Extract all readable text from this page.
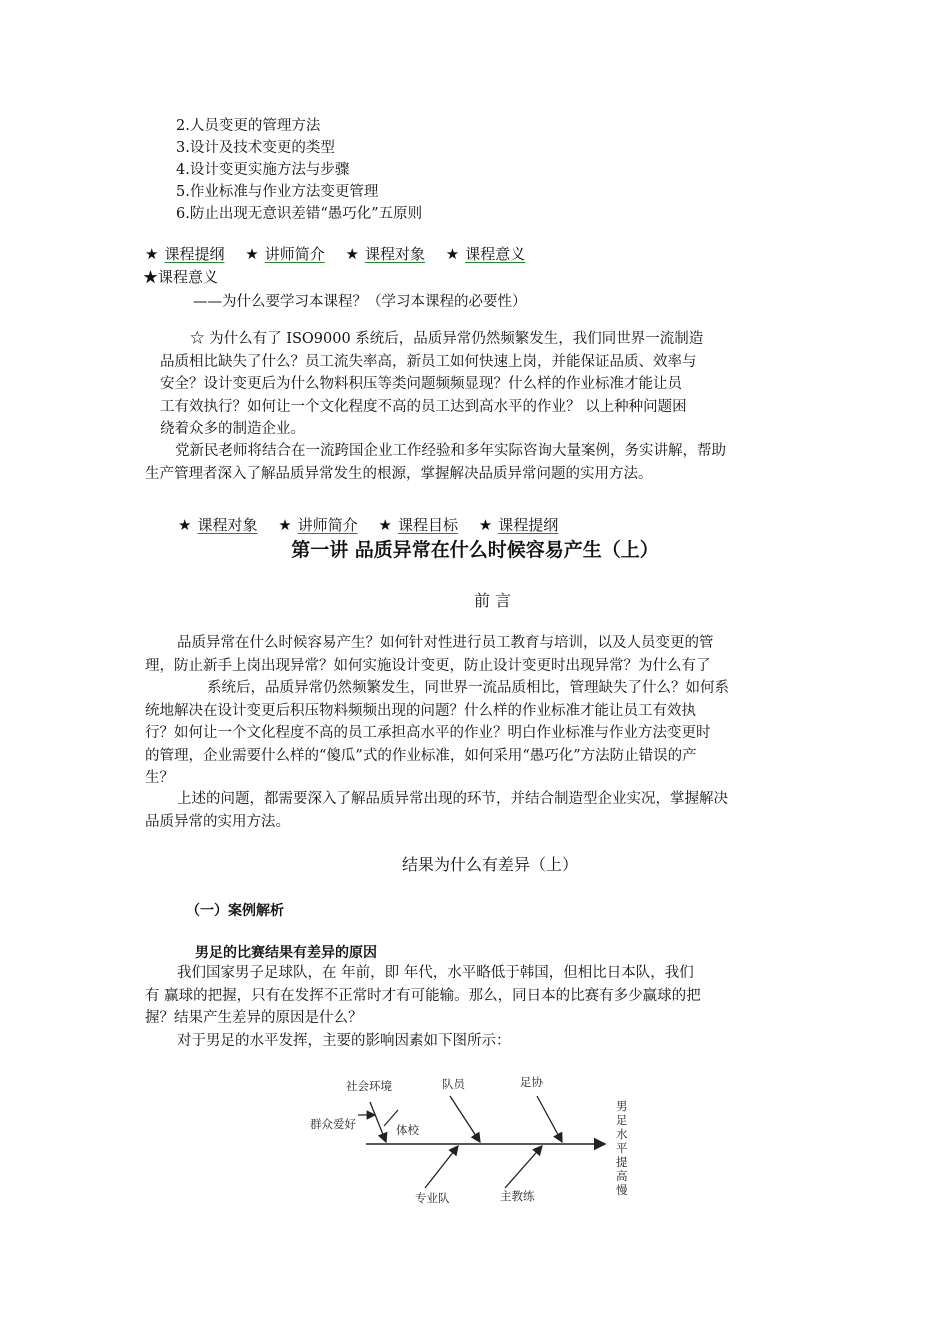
2.人员变更的管理方法
3.设计及技术变更的类型
4.设计变更实施方法与步骤
5.作业标准与作业方法变更管理
6.防止出现无意识差错“愚巧化”五原则
★ 课程提纲 ★ 讲师简介 ★ 课程对象 ★ 课程意义
★课程意义
——为什么要学习本课程？（学习本课程的必要性）
☆ 为什么有了 ISO9000 系统后，品质异常仍然频繁发生，我们同世界一流制造
品质相比缺失了什么？员工流失率高，新员工如何快速上岗，并能保证品质、效率与
安全？设计变更后为什么物料积压等类问题频频显现？什么样的作业标准才能让员
工有效执行？如何让一个文化程度不高的员工达到高水平的作业？ 以上种种问题困
绕着众多的制造企业。
党新民老师将结合在一流跨国企业工作经验和多年实际咨询大量案例，务实讲解，帮助
生产管理者深入了解品质异常发生的根源，掌握解决品质异常问题的实用方法。
★ 课程对象 ★ 讲师简介 ★ 课程目标 ★ 课程提纲
第一讲 品质异常在什么时候容易产生（上）
前 言
品质异常在什么时候容易产生？如何针对性进行员工教育与培训，以及人员变更的管
理，防止新手上岗出现异常？如何实施设计变更，防止设计变更时出现异常？为什么有了
系统后，品质异常仍然频繁发生，同世界一流品质相比，管理缺失了什么？如何系
统地解决在设计变更后积压物料频频出现的问题？什么样的作业标准才能让员工有效执
行？如何让一个文化程度不高的员工承担高水平的作业？明白作业标准与作业方法变更时
的管理，企业需要什么样的“傻瓜”式的作业标准，如何采用“愚巧化”方法防止错误的产
生？
上述的问题，都需要深入了解品质异常出现的环节，并结合制造型企业实况，掌握解决
品质异常的实用方法。
结果为什么有差异（上）
（一）案例解析
男足的比赛结果有差异的原因
我们国家男子足球队，在 年前，即 年代，水平略低于韩国，但相比日本队，我们
有 赢球的把握，只有在发挥不正常时才有可能输。那么，同日本的比赛有多少赢球的把
握？结果产生差异的原因是什么？
对于男足的水平发挥，主要的影响因素如下图所示：
社会环境	队员	足协
群众爱好	体校
专业队	主教练
男
足
水
平
提
高
慢
